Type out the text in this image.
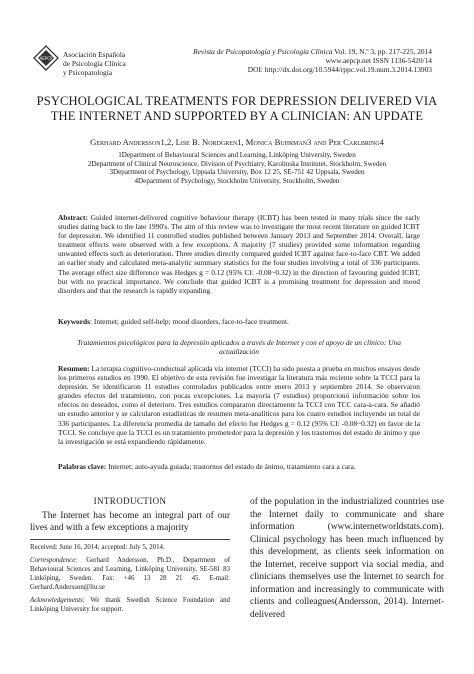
AEPCP Asociación Española
de Psicología Clínica
y Psicopatología
Revista de Psicopatología y Psicología Clínica Vol. 19, N.º 3, pp. 217-225, 2014
www.aepcp.net ISSN 1136-5420/14
DOI: http://dx.doi.org/10.5944/rppc.vol.19.num.3.2014.13903
PSYCHOLOGICAL TREATMENTS FOR DEPRESSION DELIVERED VIA THE INTERNET AND SUPPORTED BY A CLINICIAN: AN UPDATE
Gerhard Andersson1,2, Lise B. Nordgren1, Monica Buhrman3 and Per Carlbring4
1Department of Behavioural Sciences and Learning, Linköping University, Sweden
2Department of Clinical Neuroscience, Division of Psychiatry, Karolinska Institutet, Stockholm, Sweden
3Department of Psychology, Uppsala University, Box 12 25, SE-751 42 Uppsala, Sweden
4Department of Psychology, Stockholm University, Stockholm, Sweden
Abstract: Guided internet-delivered cognitive behaviour therapy (ICBT) has been tested in many trials since the early studies dating back to the late 1990's. The aim of this review was to investigate the most recent literature on guided ICBT for depression. We identified 11 controlled studies published between January 2013 and September 2014. Overall, large treatment effects were observed with a few exceptions. A majority (7 studies) provided some information regarding unwanted effects such as deterioration. Three studies directly compared guided ICBT against face-to-face CBT. We added an earlier study and calculated meta-analytic summary statistics for the four studies involving a total of 336 participants. The average effect size difference was Hedges g = 0.12 (95% CI: -0.08~0.32) in the direction of favouring guided ICBT, but with no practical importance. We conclude that guided ICBT is a promising treatment for depression and mood disorders and that the research is rapidly expanding.
Keywords: Internet; guided self-help; mood disorders, face-to-face treatment.
Tratamientos psicológicos para la depresión aplicados a través de Internet y con el apoyo de un clínico: Una actualización
Resumen: La terapia cognitivo-conductual aplicada vía internet (TCCI) ha sido puesta a prueba en muchos ensayos desde los primeros estudios en 1990. El objetivo de esta revisión fue investigar la literatura más reciente sobre la TCCI para la depresión. Se identificaron 11 estudios controlados publicados entre enero 2013 y septiembre 2014. Se observaron grandes efectos del tratamiento, con pocas excepciones. La mayoría (7 estudios) proporcionó información sobre los efectos no deseados, como el deterioro. Tres estudios compararon directamente la TCCI con TCC cara-a-cara. Se añadió un estudio anterior y se calcularon estadísticas de resumen meta-analíticos para los cuatro estudios incluyendo un total de 336 participantes. La diferencia promedia de tamaño del efecto fue Hedges g = 0.12 (95% CI: -0.08~0.32) en favor de la TCCI. Se concluye que la TCCI es un tratamiento prometedor para la depresión y los trastornos del estado de ánimo y que la investigación se está expandiendo rápidamente.
Palabras clave: Internet; auto-ayuda guiada; trastornos del estado de ánimo, tratamiento cara a cara.
INTRODUCTION
The Internet has become an integral part of our lives and with a few exceptions a majority

Received: June 16, 2014; accepted: July 5, 2014.

Correspondence: Gerhard Andersson, Ph.D., Department of Behavioural Sciences and Learning, Linköping University, SE-581 83 Linköping, Sweden. Fax: +46 13 28 21 45. E-mail: Gerhard.Andersson@liu.se

Acknowledgements: We thank Swedish Science Foundation and Linköping University for support.

of the population in the industrialized countries use the Internet daily to communicate and share information (www.internetworldstats.com). Clinical psychology has been much influenced by this development, as clients seek information on the Internet, receive support via social media, and clinicians themselves use the Internet to search for information and increasingly to communicate with clients and colleagues(Andersson, 2014). Internet-delivered
